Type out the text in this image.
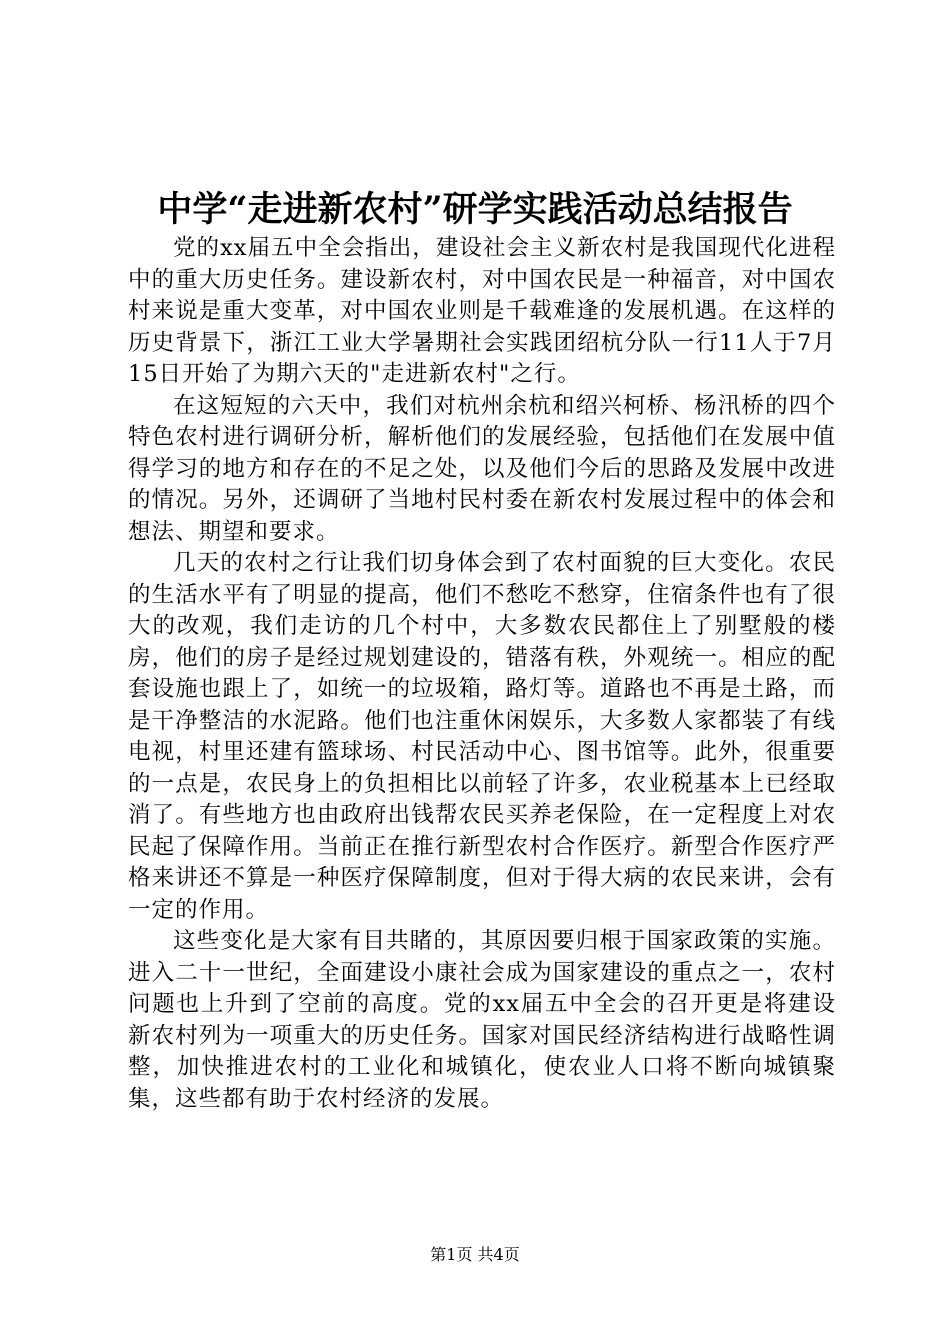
中学“走进新农村”研学实践活动总结报告

党的xx届五中全会指出，建设社会主义新农村是我国现代化进程中的重大历史任务。建设新农村，对中国农民是一种福音，对中国农村来说是重大变革，对中国农业则是千载难逢的发展机遇。在这样的历史背景下，浙江工业大学暑期社会实践团绍杭分队一行11人于7月15日开始了为期六天的"走进新农村"之行。

在这短短的六天中，我们对杭州余杭和绍兴柯桥、杨汛桥的四个特色农村进行调研分析，解析他们的发展经验，包括他们在发展中值得学习的地方和存在的不足之处，以及他们今后的思路及发展中改进的情况。另外，还调研了当地村民村委在新农村发展过程中的体会和想法、期望和要求。

几天的农村之行让我们切身体会到了农村面貌的巨大变化。农民的生活水平有了明显的提高，他们不愁吃不愁穿，住宿条件也有了很大的改观，我们走访的几个村中，大多数农民都住上了别墅般的楼房，他们的房子是经过规划建设的，错落有秩，外观统一。相应的配套设施也跟上了，如统一的垃圾箱，路灯等。道路也不再是土路，而是干净整洁的水泥路。他们也注重休闲娱乐，大多数人家都装了有线电视，村里还建有篮球场、村民活动中心、图书馆等。此外，很重要的一点是，农民身上的负担相比以前轻了许多，农业税基本上已经取消了。有些地方也由政府出钱帮农民买养老保险，在一定程度上对农民起了保障作用。当前正在推行新型农村合作医疗。新型合作医疗严格来讲还不算是一种医疗保障制度，但对于得大病的农民来讲，会有一定的作用。

这些变化是大家有目共睹的，其原因要归根于国家政策的实施。进入二十一世纪，全面建设小康社会成为国家建设的重点之一，农村问题也上升到了空前的高度。党的xx届五中全会的召开更是将建设新农村列为一项重大的历史任务。国家对国民经济结构进行战略性调整，加快推进农村的工业化和城镇化，使农业人口将不断向城镇聚集，这些都有助于农村经济的发展。

第1页 共4页
